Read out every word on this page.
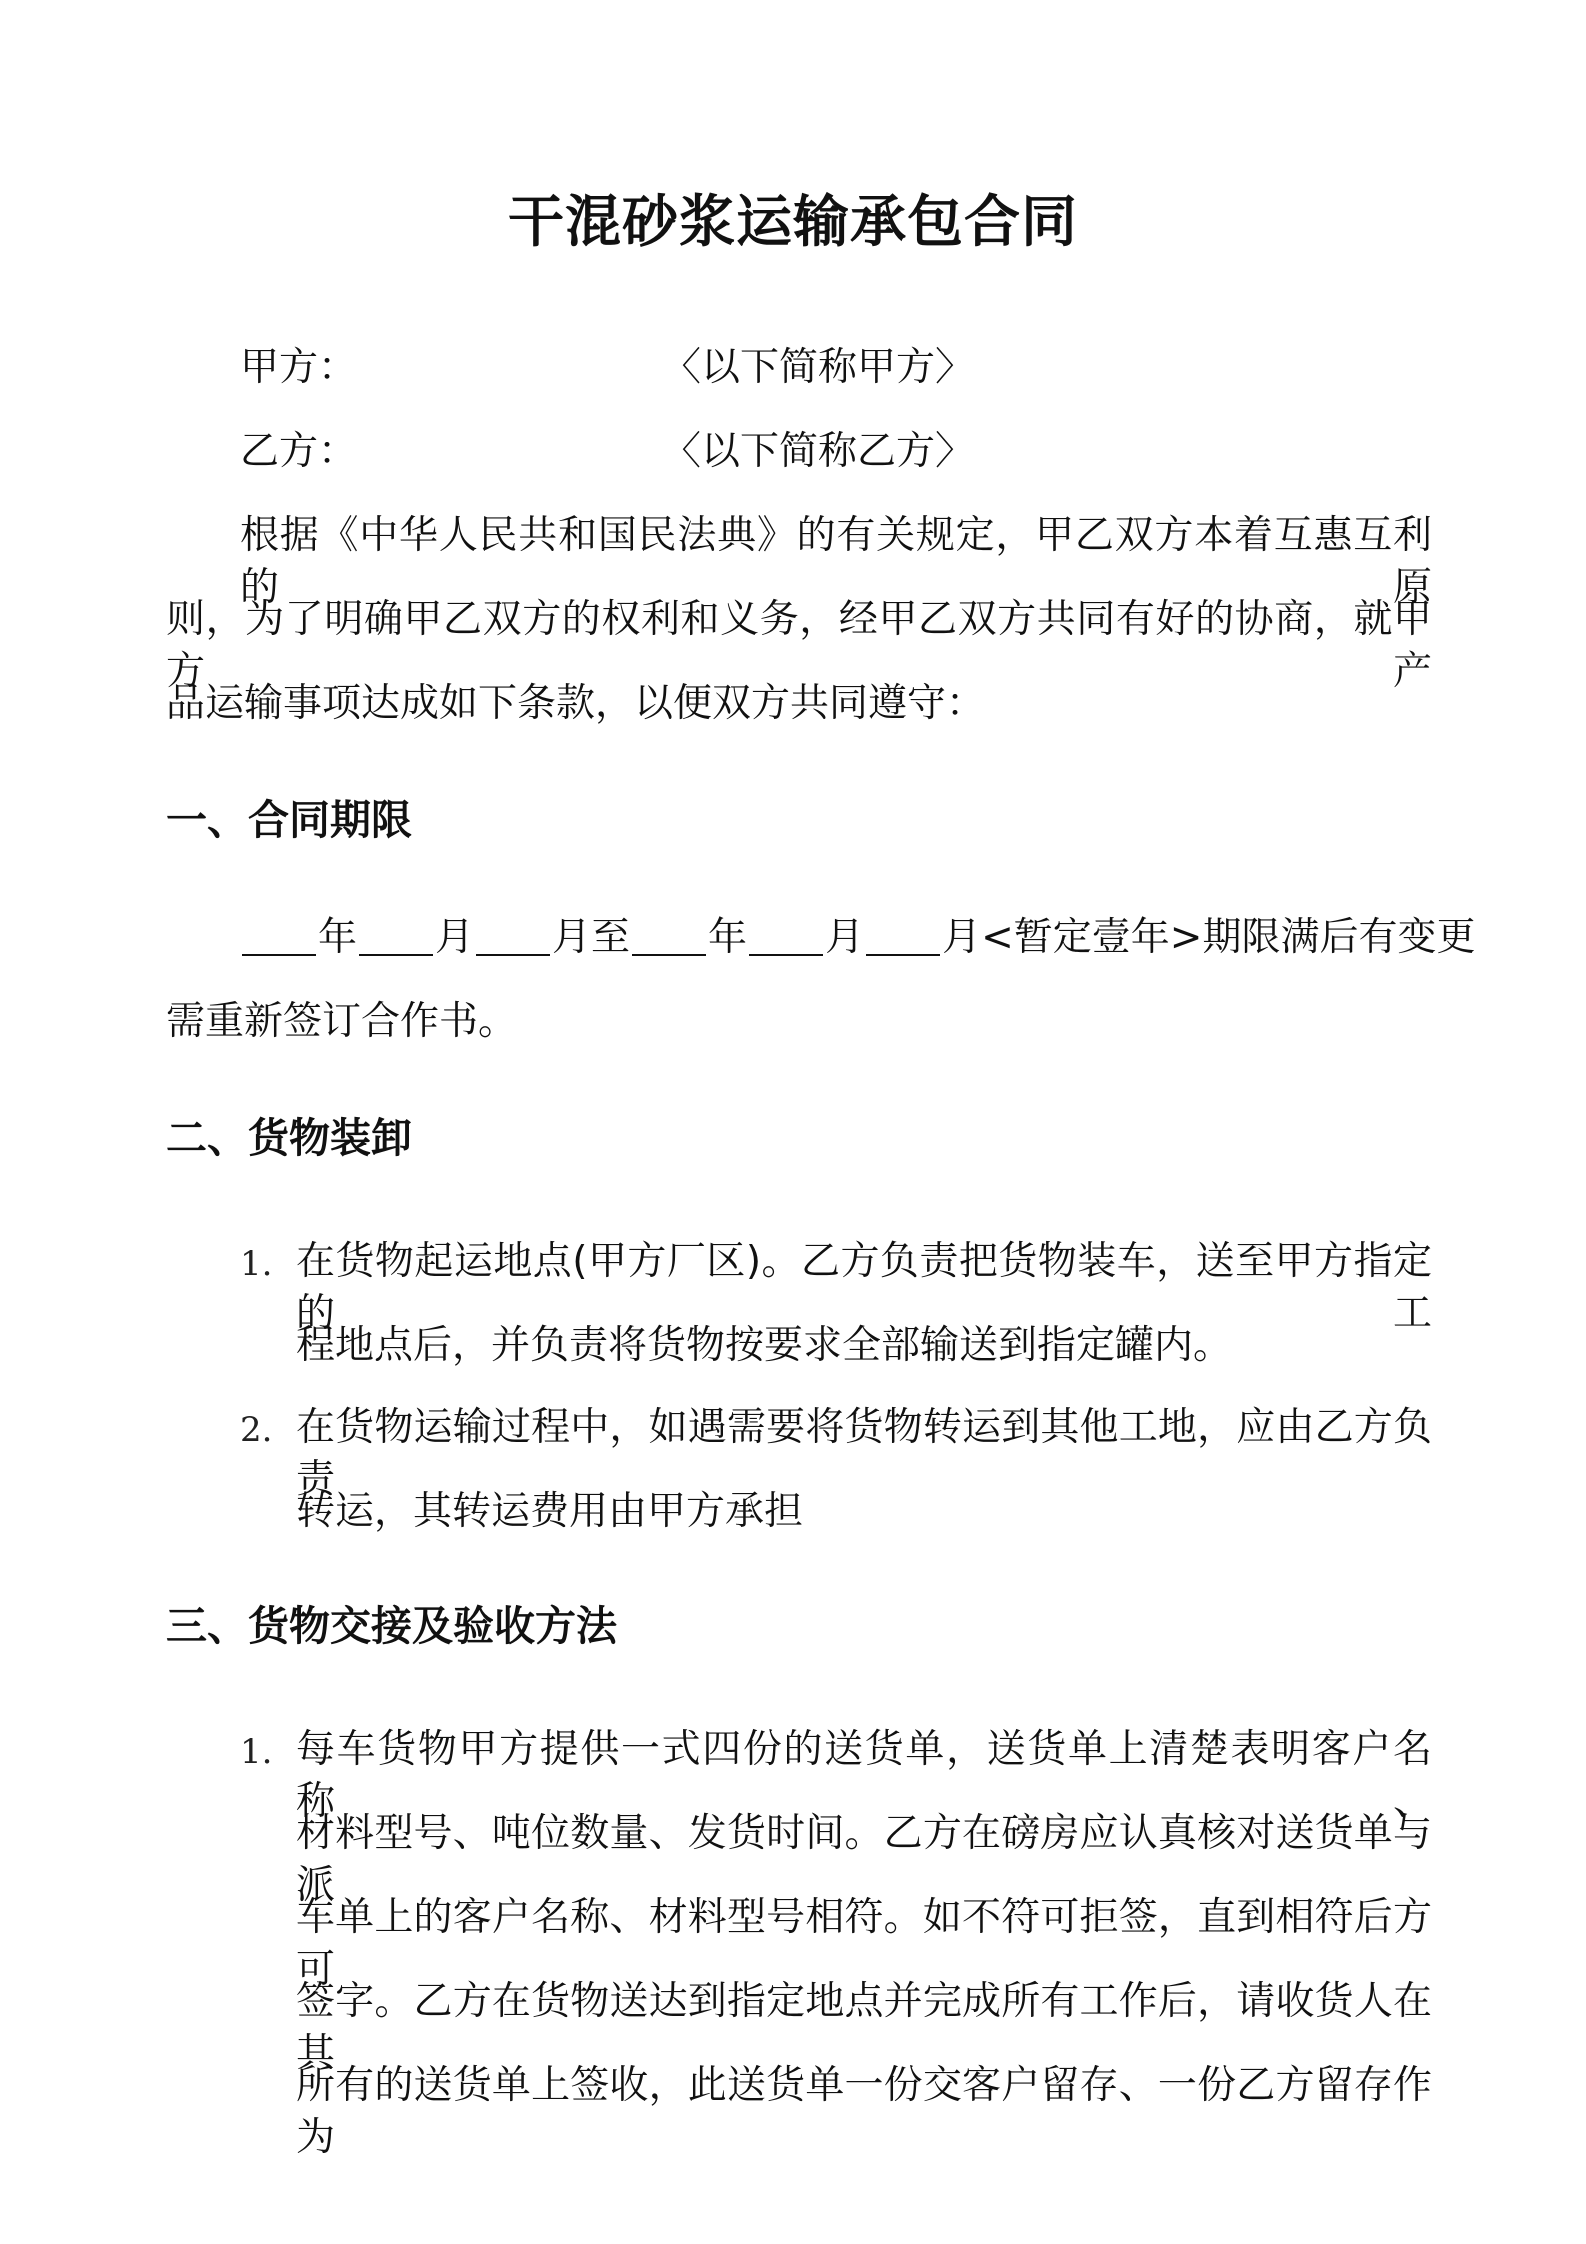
干混砂浆运输承包合同
甲方：	〈以下简称甲方〉
乙方：	〈以下简称乙方〉
根据《中华人民共和国民法典》的有关规定，甲乙双方本着互惠互利的原
则，为了明确甲乙双方的权利和义务，经甲乙双方共同有好的协商，就甲方产
品运输事项达成如下条款，以便双方共同遵守：
一、合同期限
年 月 月至 年 月 月<暂定壹年>期限满后有变更
需重新签订合作书。
二、货物装卸
1. 在货物起运地点(甲方厂区)。乙方负责把货物装车，送至甲方指定的工
程地点后，并负责将货物按要求全部输送到指定罐内。
2. 在货物运输过程中，如遇需要将货物转运到其他工地，应由乙方负责
转运，其转运费用由甲方承担
三、货物交接及验收方法
1. 每车货物甲方提供一式四份的送货单，送货单上清楚表明客户名称、
材料型号、吨位数量、发货时间。乙方在磅房应认真核对送货单与派
车单上的客户名称、材料型号相符。如不符可拒签，直到相符后方可
签字。乙方在货物送达到指定地点并完成所有工作后，请收货人在其
所有的送货单上签收，此送货单一份交客户留存、一份乙方留存作为
